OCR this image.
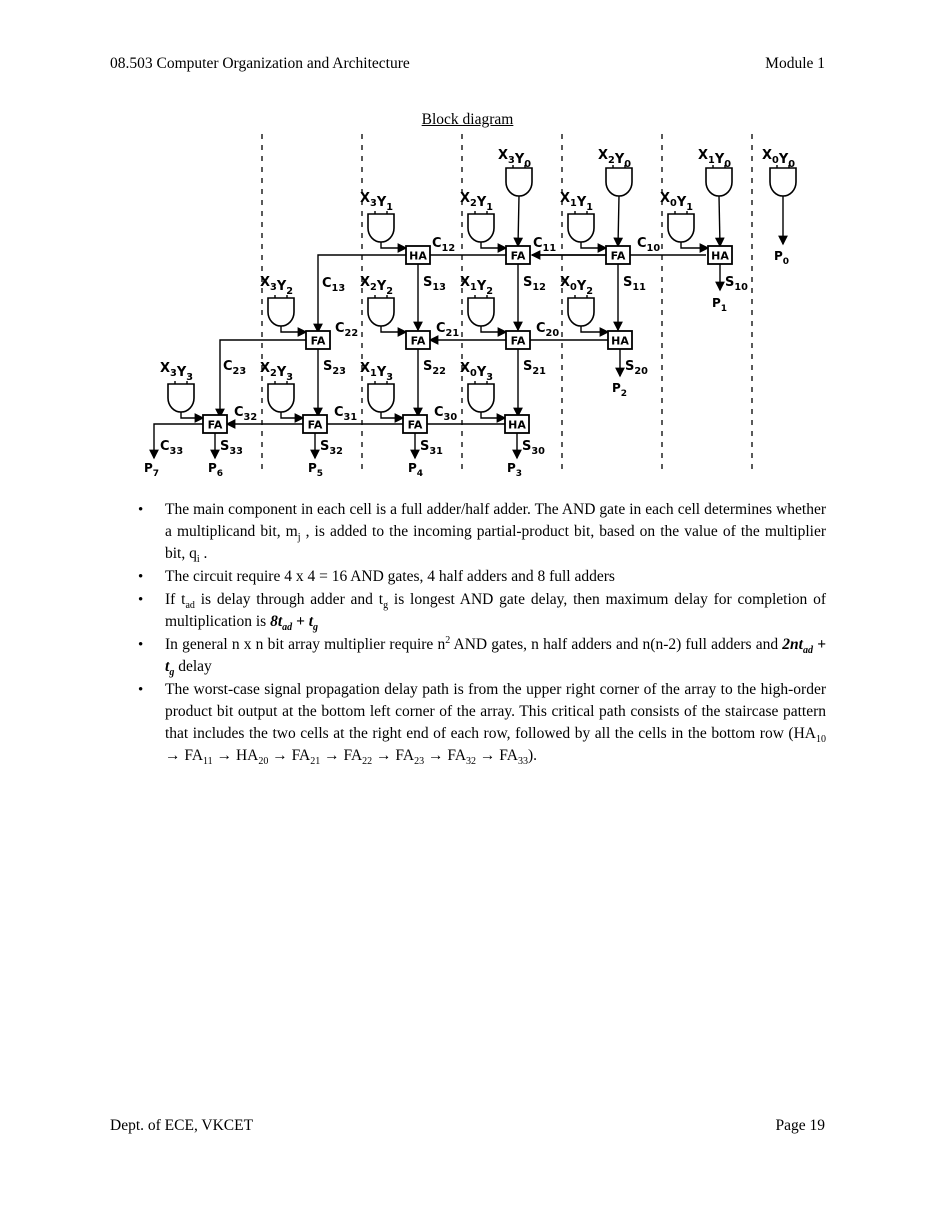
08.503 Computer Organization and Architecture	Module 1
Block diagram
HA	FA	FA	HA
FA	FA	FA	HA
FA	FA	FA	HA
$X_3Y_0$
$X_2Y_0$
$X_1Y_0$
$X_0Y_0$
$X_3Y_1$
$X_2Y_1$
$X_1Y_1$
$X_0Y_1$
$P_0$
$C_{12}$	$C_{11}$	$C_{10}$
$C_{13}$	$S_{13}$	$S_{12}$	$S_{11}$	$S_{10}$
$P_1$
$X_3Y_2$
$X_2Y_2$
$X_1Y_2$
$X_0Y_2$
$C_{22}$	$C_{21}$	$C_{20}$
$C_{23}$	$S_{23}$	$S_{22}$	$S_{21}$	$S_{20}$
$P_2$
$X_3Y_3$
$X_2Y_3$
$X_1Y_3$
$X_0Y_3$
$C_{32}$	$C_{31}$	$C_{30}$
$C_{33}$	$S_{33}$	$S_{32}$	$S_{31}$	$S_{30}$
$P_7$	$P_6$	$P_5$	$P_4$	$P_3$
• The main component in each cell is a full adder/half adder. The AND gate in each cell determines whether a multiplicand bit, $m_j$ , is added to the incoming partial-product bit, based on the value of the multiplier bit, $q_i$ .
• The circuit require 4 x 4 = 16 AND gates, 4 half adders and 8 full adders
• If $t_{ad}$ is delay through adder and $t_g$ is longest AND gate delay, then maximum delay for completion of multiplication is $8t_{ad} + t_g$
• In general n x n bit array multiplier require $n^2$ AND gates, n half adders and n(n-2) full adders and $2nt_{ad} + t_g$ delay
• The worst-case signal propagation delay path is from the upper right corner of the array to the high-order product bit output at the bottom left corner of the array. This critical path consists of the staircase pattern that includes the two cells at the right end of each row, followed by all the cells in the bottom row $(HA_{10} \to FA_{11} \to HA_{20} \to FA_{21} \to FA_{22} \to FA_{23} \to FA_{32} \to FA_{33})$.
Dept. of ECE, VKCET	Page 19
